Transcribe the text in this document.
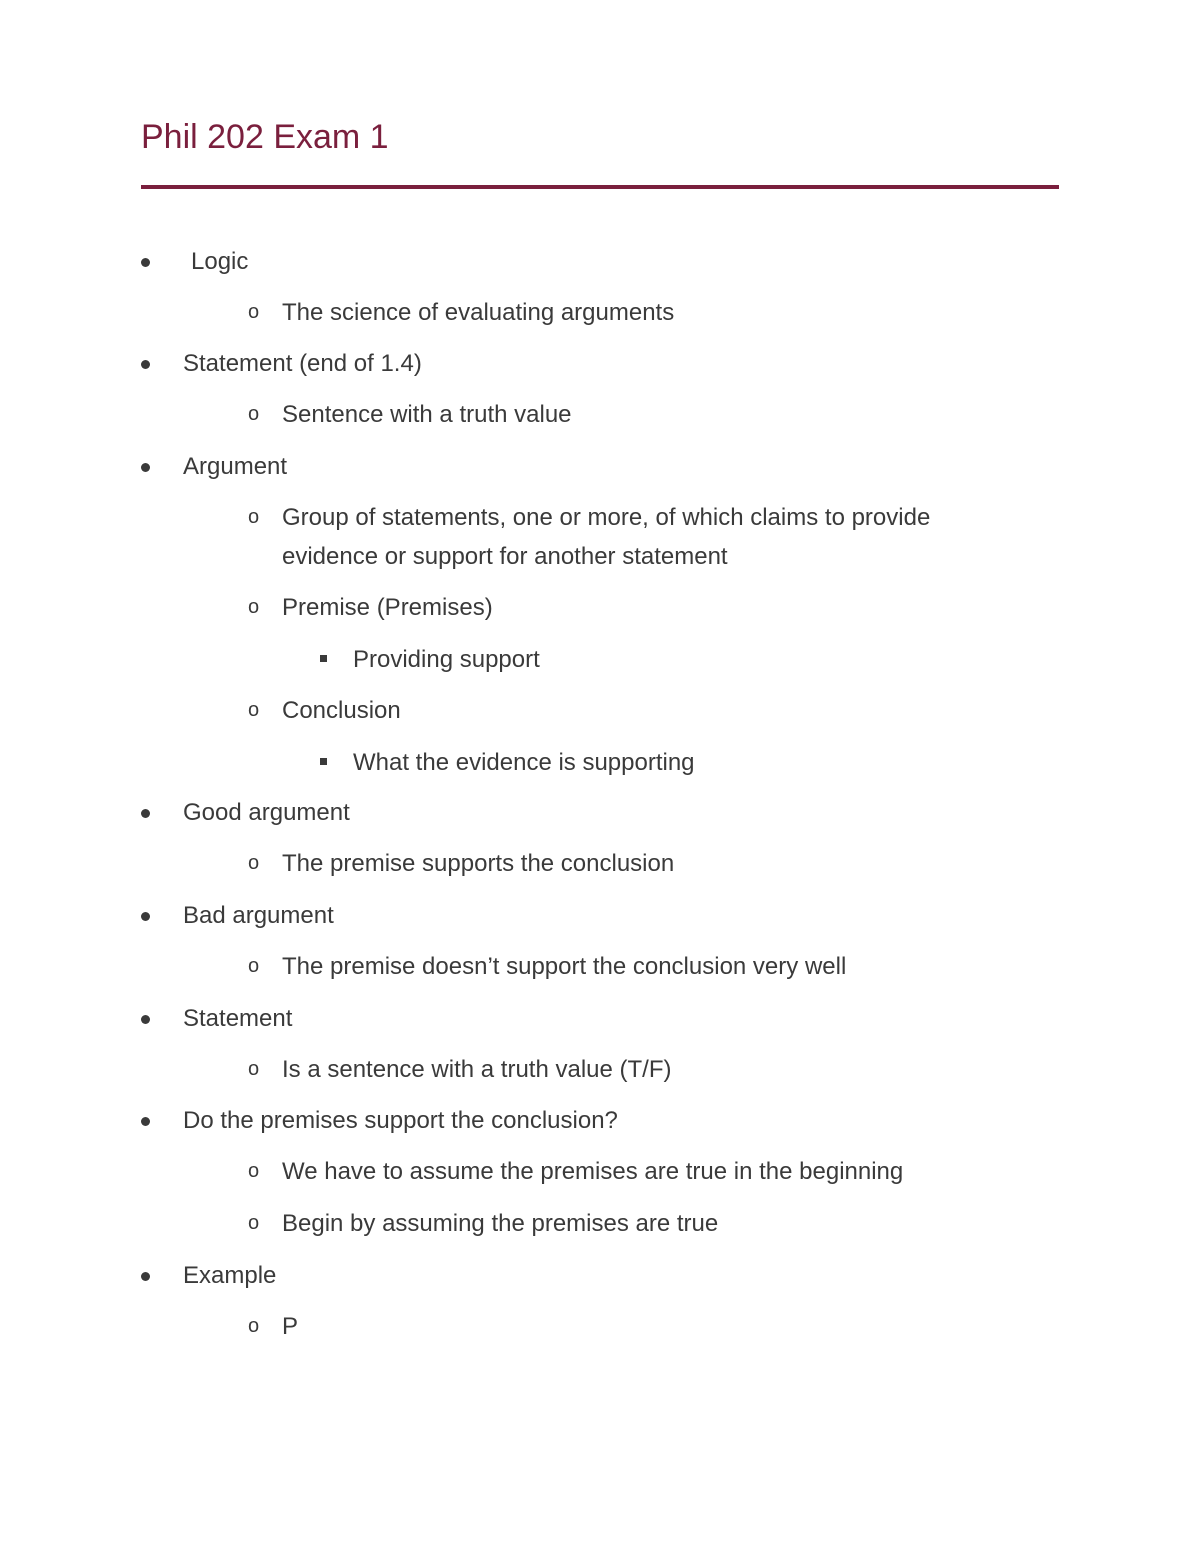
Phil 202 Exam 1
Logic
o The science of evaluating arguments
Statement (end of 1.4)
o Sentence with a truth value
Argument
o Group of statements, one or more, of which claims to provide
evidence or support for another statement
o Premise (Premises)
Providing support
o Conclusion
What the evidence is supporting
Good argument
o The premise supports the conclusion
Bad argument
o The premise doesn’t support the conclusion very well
Statement
o Is a sentence with a truth value (T/F)
Do the premises support the conclusion?
o We have to assume the premises are true in the beginning
o Begin by assuming the premises are true
Example
o P
